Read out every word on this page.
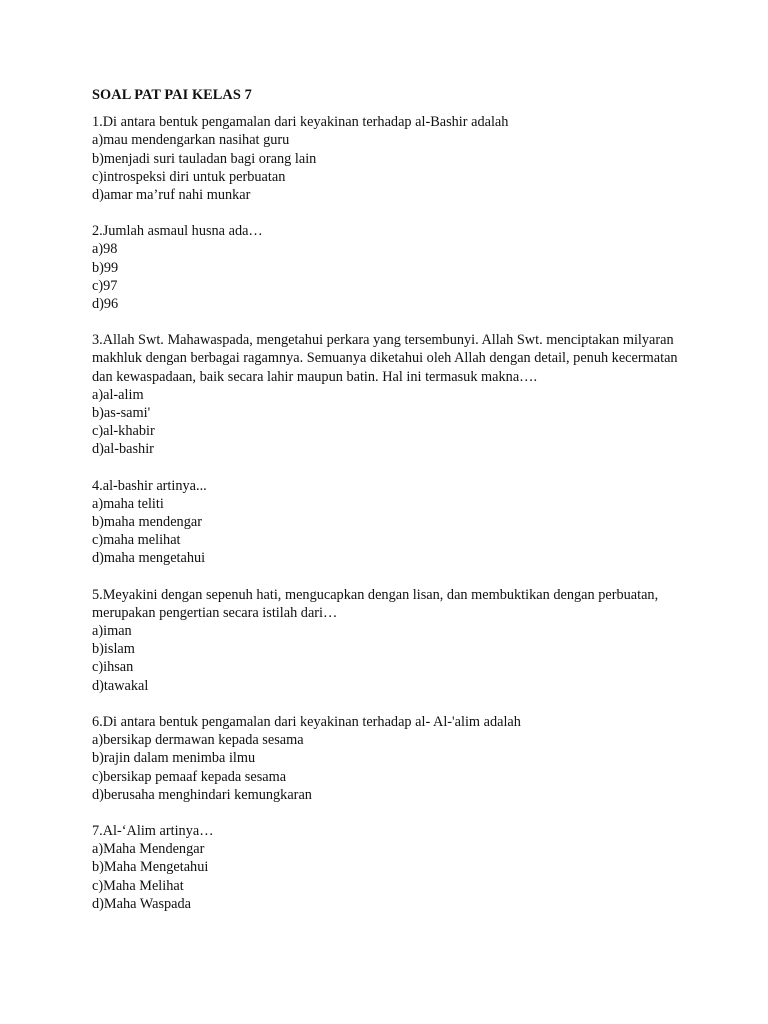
SOAL PAT PAI KELAS 7
1.Di antara bentuk pengamalan dari keyakinan terhadap al-Bashir adalah
a)mau mendengarkan nasihat guru
b)menjadi suri tauladan bagi orang lain
c)introspeksi diri untuk perbuatan
d)amar ma’ruf nahi munkar
2.Jumlah asmaul husna ada…
a)98
b)99
c)97
d)96
3.Allah Swt. Mahawaspada, mengetahui perkara yang tersembunyi. Allah Swt. menciptakan milyaran makhluk dengan berbagai ragamnya. Semuanya diketahui oleh Allah dengan detail, penuh kecermatan dan kewaspadaan, baik secara lahir maupun batin. Hal ini termasuk makna….
a)al-alim
b)as-sami'
c)al-khabir
d)al-bashir
4.al-bashir artinya...
a)maha teliti
b)maha mendengar
c)maha melihat
d)maha mengetahui
5.Meyakini dengan sepenuh hati, mengucapkan dengan lisan, dan membuktikan dengan perbuatan, merupakan pengertian secara istilah dari…
a)iman
b)islam
c)ihsan
d)tawakal
6.Di antara bentuk pengamalan dari keyakinan terhadap al- Al-'alim adalah
a)bersikap dermawan kepada sesama
b)rajin dalam menimba ilmu
c)bersikap pemaaf kepada sesama
d)berusaha menghindari kemungkaran
7.Al-‘Alim artinya…
a)Maha Mendengar
b)Maha Mengetahui
c)Maha Melihat
d)Maha Waspada
